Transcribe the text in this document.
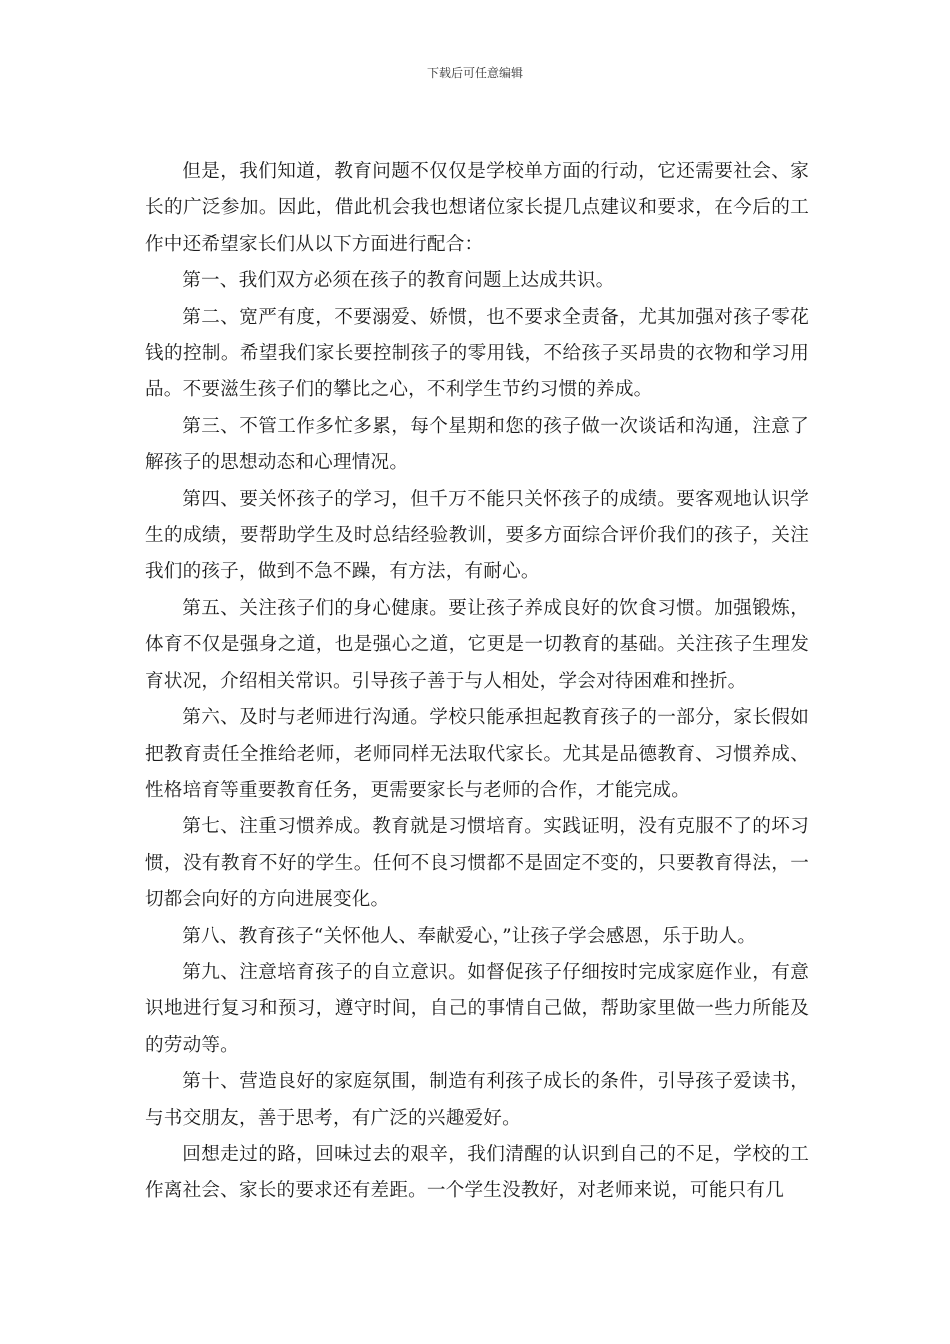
下载后可任意编辑

但是，我们知道，教育问题不仅仅是学校单方面的行动，它还需要社会、家长的广泛参加。因此，借此机会我也想诸位家长提几点建议和要求，在今后的工作中还希望家长们从以下方面进行配合：

第一、我们双方必须在孩子的教育问题上达成共识。

第二、宽严有度，不要溺爱、娇惯，也不要求全责备，尤其加强对孩子零花钱的控制。希望我们家长要控制孩子的零用钱，不给孩子买昂贵的衣物和学习用品。不要滋生孩子们的攀比之心，不利学生节约习惯的养成。

第三、不管工作多忙多累，每个星期和您的孩子做一次谈话和沟通，注意了解孩子的思想动态和心理情况。

第四、要关怀孩子的学习，但千万不能只关怀孩子的成绩。要客观地认识学生的成绩，要帮助学生及时总结经验教训，要多方面综合评价我们的孩子，关注我们的孩子，做到不急不躁，有方法，有耐心。

第五、关注孩子们的身心健康。要让孩子养成良好的饮食习惯。加强锻炼，体育不仅是强身之道，也是强心之道，它更是一切教育的基础。关注孩子生理发育状况，介绍相关常识。引导孩子善于与人相处，学会对待困难和挫折。

第六、及时与老师进行沟通。学校只能承担起教育孩子的一部分，家长假如把教育责任全推给老师，老师同样无法取代家长。尤其是品德教育、习惯养成、性格培育等重要教育任务，更需要家长与老师的合作，才能完成。

第七、注重习惯养成。教育就是习惯培育。实践证明，没有克服不了的坏习惯，没有教育不好的学生。任何不良习惯都不是固定不变的，只要教育得法，一切都会向好的方向进展变化。

第八、教育孩子“关怀他人、奉献爱心，”让孩子学会感恩，乐于助人。

第九、注意培育孩子的自立意识。如督促孩子仔细按时完成家庭作业，有意识地进行复习和预习，遵守时间，自己的事情自己做，帮助家里做一些力所能及的劳动等。

第十、营造良好的家庭氛围，制造有利孩子成长的条件，引导孩子爱读书，与书交朋友，善于思考，有广泛的兴趣爱好。

回想走过的路，回味过去的艰辛，我们清醒的认识到自己的不足，学校的工作离社会、家长的要求还有差距。一个学生没教好，对老师来说，可能只有几
